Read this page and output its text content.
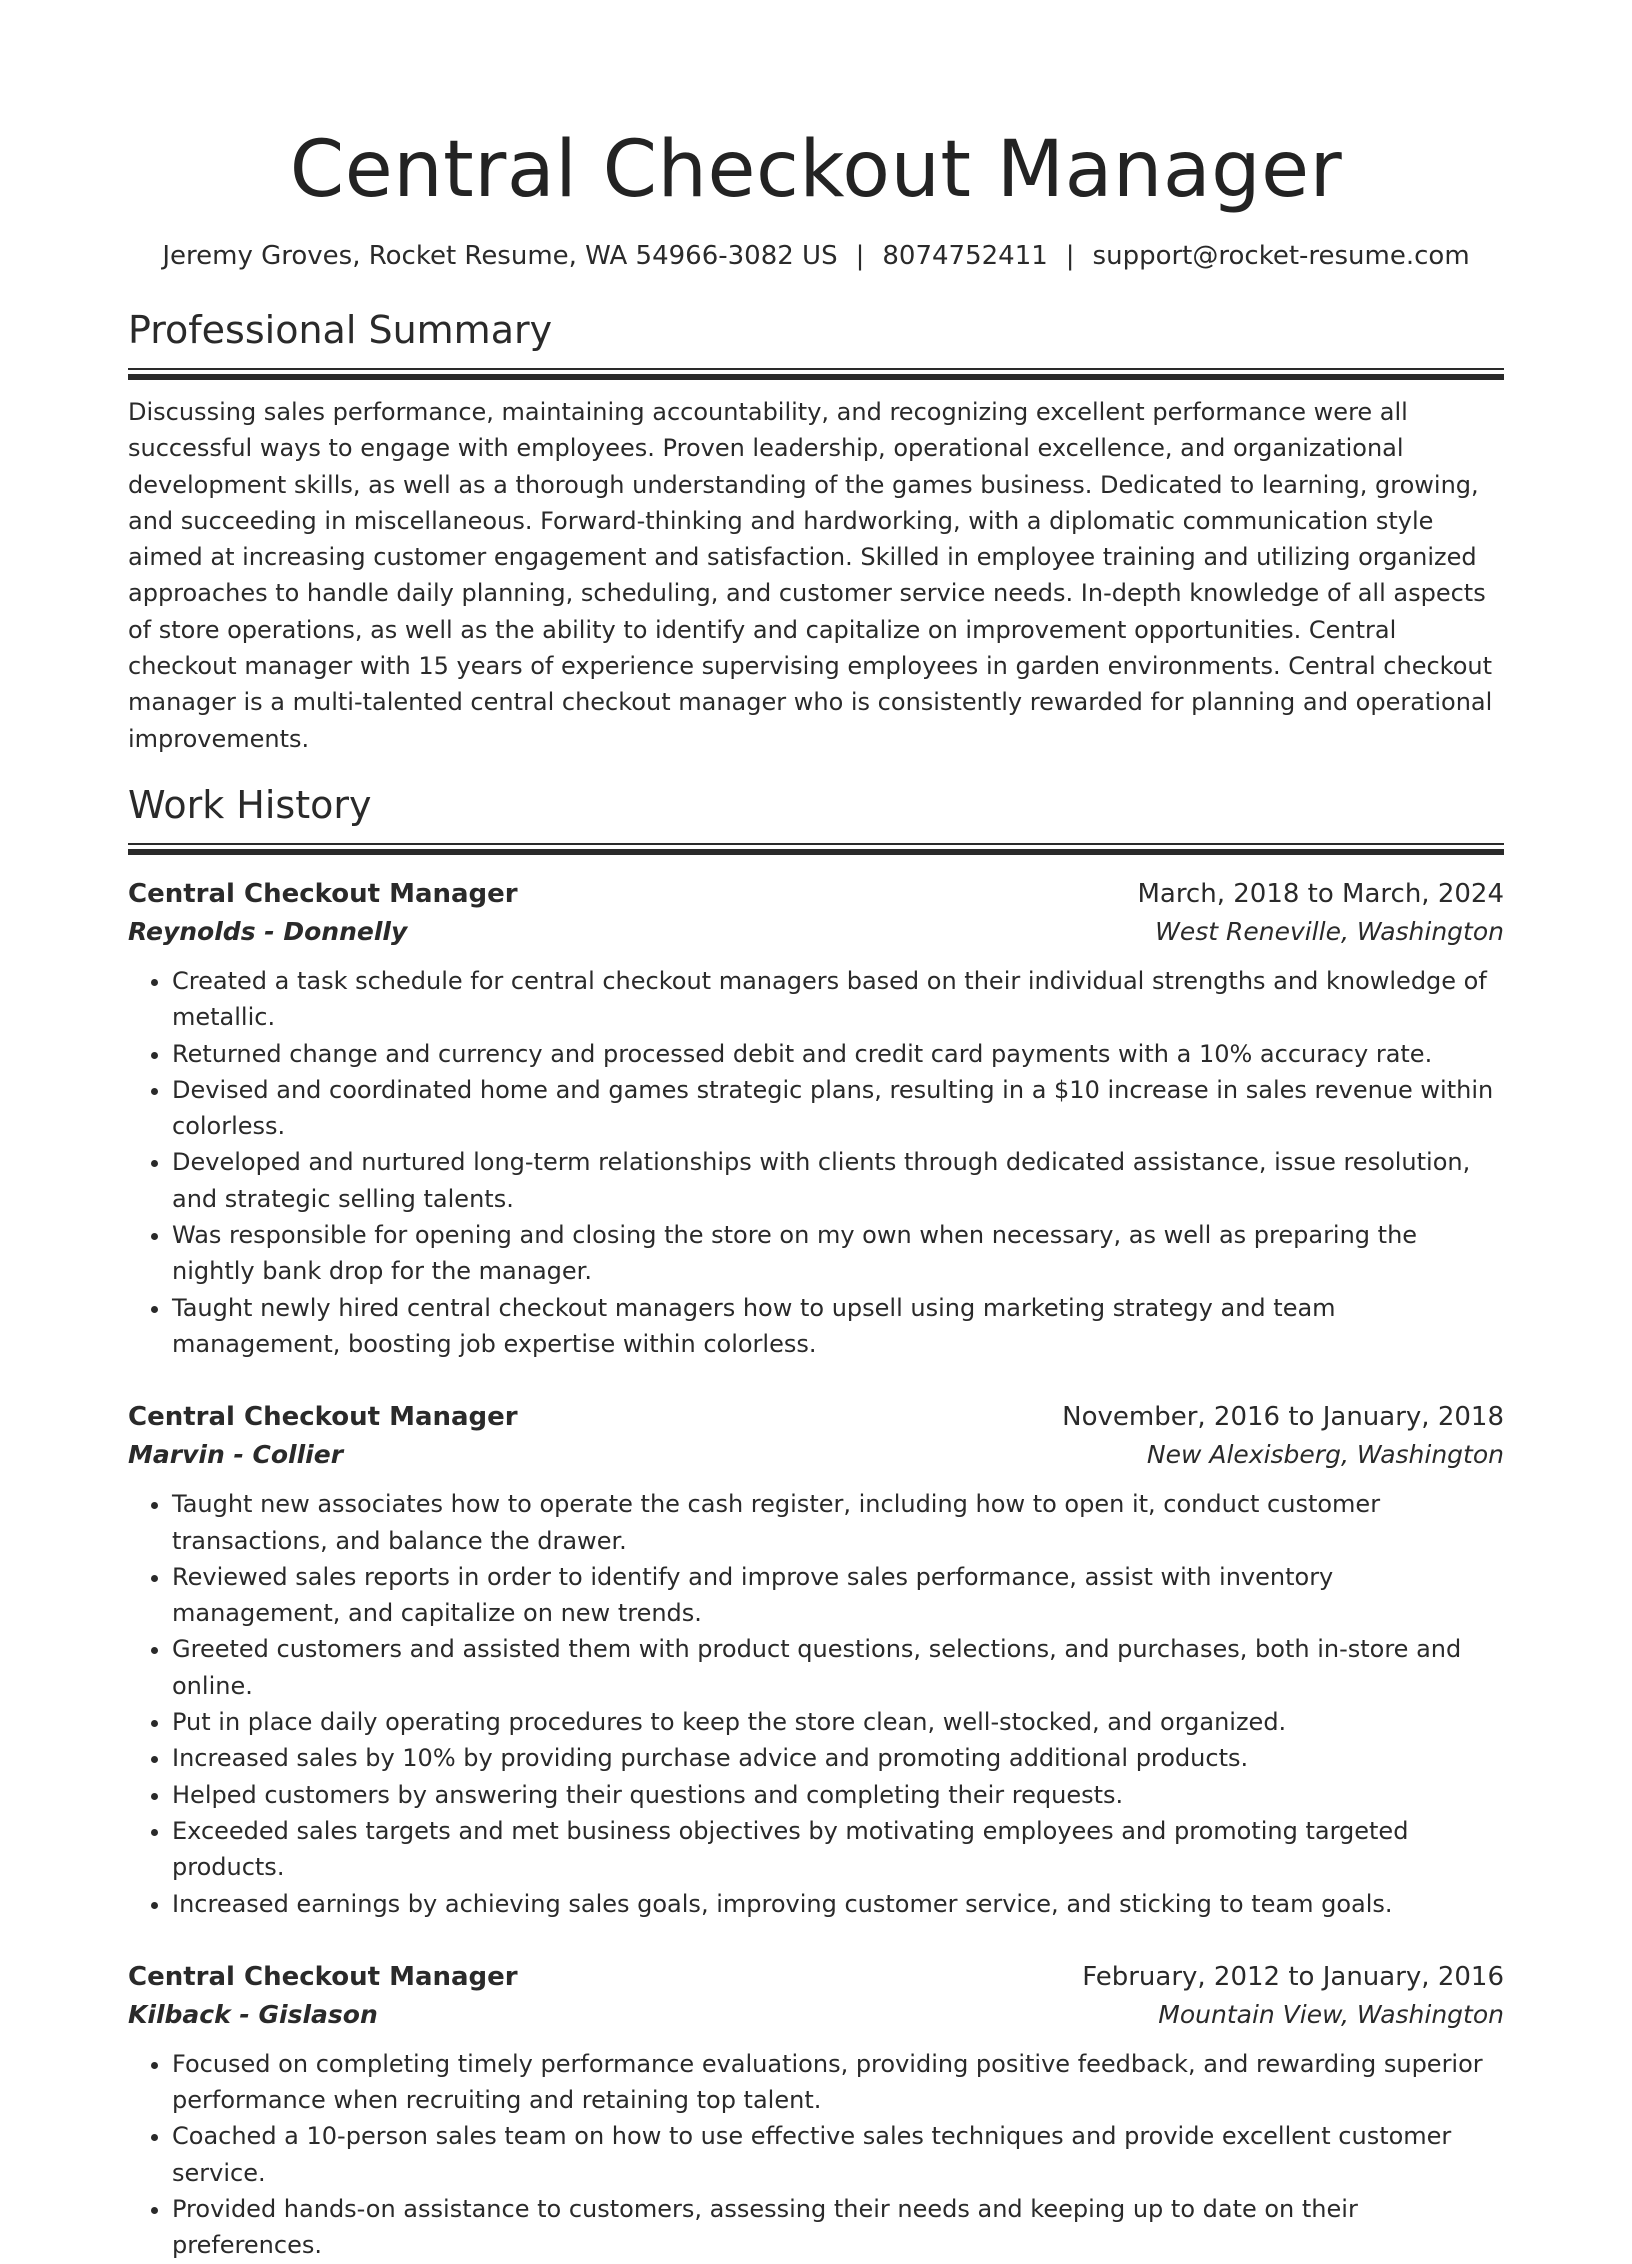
Central Checkout Manager
Jeremy Groves, Rocket Resume, WA 54966-3082 US | 8074752411 | support@rocket-resume.com
Professional Summary

Discussing sales performance, maintaining accountability, and recognizing excellent performance were all successful ways to engage with employees. Proven leadership, operational excellence, and organizational development skills, as well as a thorough understanding of the games business. Dedicated to learning, growing, and succeeding in miscellaneous. Forward-thinking and hardworking, with a diplomatic communication style aimed at increasing customer engagement and satisfaction. Skilled in employee training and utilizing organized approaches to handle daily planning, scheduling, and customer service needs. In-depth knowledge of all aspects of store operations, as well as the ability to identify and capitalize on improvement opportunities. Central checkout manager with 15 years of experience supervising employees in garden environments. Central checkout manager is a multi-talented central checkout manager who is consistently rewarded for planning and operational improvements.

Work History
Central Checkout Manager	March, 2018 to March, 2024
Reynolds - Donnelly	West Reneville, Washington
• Created a task schedule for central checkout managers based on their individual strengths and knowledge of metallic.
• Returned change and currency and processed debit and credit card payments with a 10% accuracy rate.
• Devised and coordinated home and games strategic plans, resulting in a $10 increase in sales revenue within colorless.
• Developed and nurtured long-term relationships with clients through dedicated assistance, issue resolution, and strategic selling talents.
• Was responsible for opening and closing the store on my own when necessary, as well as preparing the nightly bank drop for the manager.
• Taught newly hired central checkout managers how to upsell using marketing strategy and team management, boosting job expertise within colorless.
Central Checkout Manager	November, 2016 to January, 2018
Marvin - Collier	New Alexisberg, Washington
• Taught new associates how to operate the cash register, including how to open it, conduct customer transactions, and balance the drawer.
• Reviewed sales reports in order to identify and improve sales performance, assist with inventory management, and capitalize on new trends.
• Greeted customers and assisted them with product questions, selections, and purchases, both in-store and online.
• Put in place daily operating procedures to keep the store clean, well-stocked, and organized.
• Increased sales by 10% by providing purchase advice and promoting additional products.
• Helped customers by answering their questions and completing their requests.
• Exceeded sales targets and met business objectives by motivating employees and promoting targeted products.
• Increased earnings by achieving sales goals, improving customer service, and sticking to team goals.
Central Checkout Manager	February, 2012 to January, 2016
Kilback - Gislason	Mountain View, Washington
• Focused on completing timely performance evaluations, providing positive feedback, and rewarding superior performance when recruiting and retaining top talent.
• Coached a 10-person sales team on how to use effective sales techniques and provide excellent customer service.
• Provided hands-on assistance to customers, assessing their needs and keeping up to date on their preferences.
